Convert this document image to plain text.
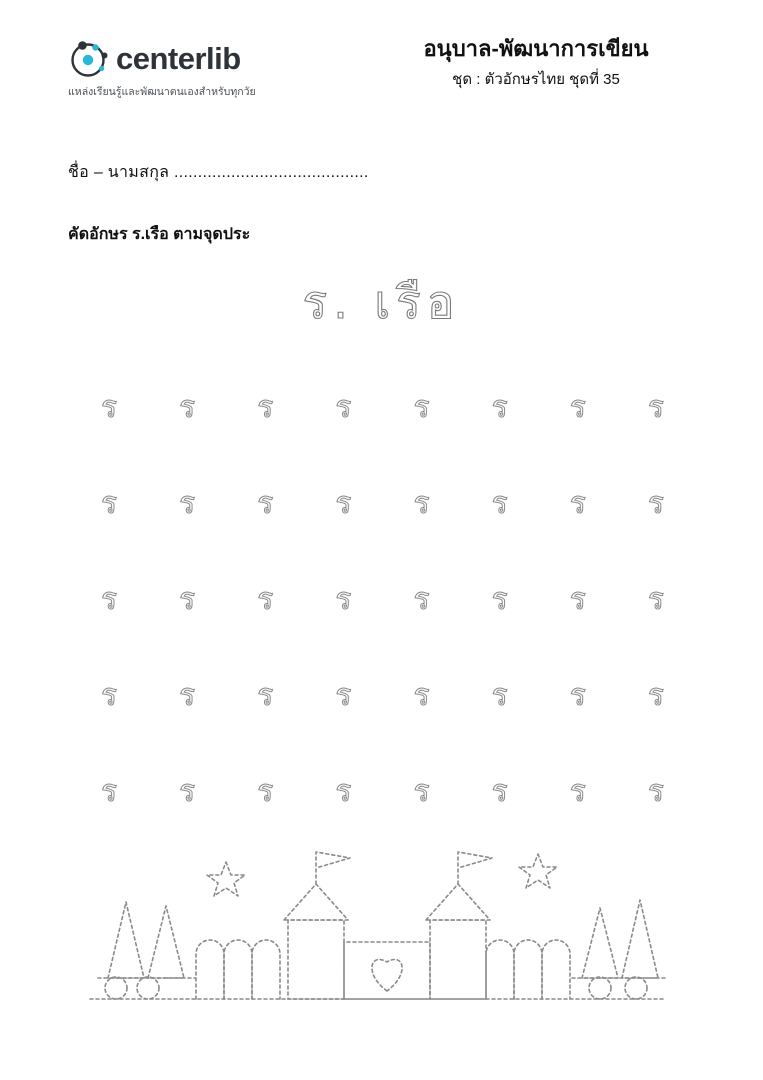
centerlib
แหล่งเรียนรู้และพัฒนาตนเองสำหรับทุกวัย
อนุบาล-พัฒนาการเขียน
ชุด : ตัวอักษรไทย ชุดที่ 35
ชื่อ – นามสกุล .........................................
คัดอักษร ร.เรือ ตามจุดประ
ร. เรือ
ร ร ร ร ร ร ร ร
ร ร ร ร ร ร ร ร
ร ร ร ร ร ร ร ร
ร ร ร ร ร ร ร ร
ร ร ร ร ร ร ร ร
